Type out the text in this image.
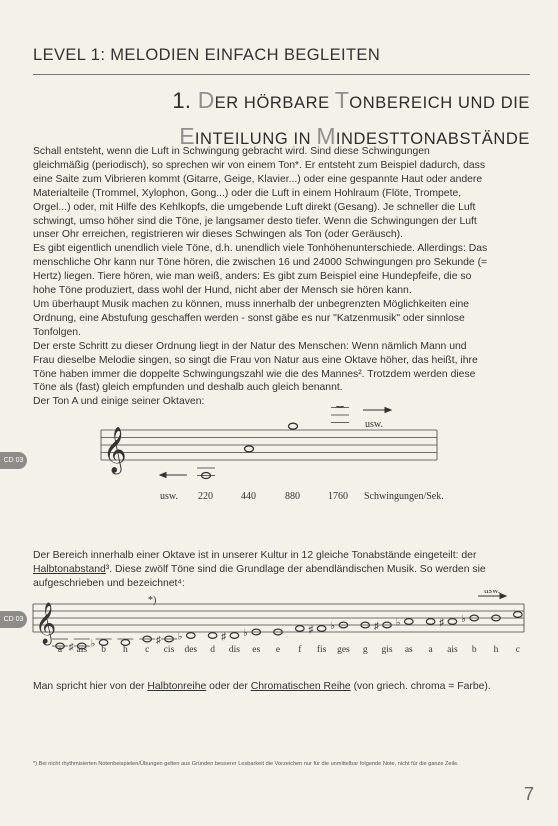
LEVEL 1: MELODIEN EINFACH BEGLEITEN
1. DER HÖRBARE TONBEREICH UND DIE
EINTEILUNG IN MINDESTTONABSTÄNDE
Schall entsteht, wenn die Luft in Schwingung gebracht wird. Sind diese Schwingungen
gleichmäßig (periodisch), so sprechen wir von einem Ton*. Er entsteht zum Beispiel dadurch, dass
eine Saite zum Vibrieren kommt (Gitarre, Geige, Klavier...) oder eine gespannte Haut oder andere
Materialteile (Trommel, Xylophon, Gong...) oder die Luft in einem Hohlraum (Flöte, Trompete,
Orgel...) oder, mit Hilfe des Kehlkopfs, die umgebende Luft direkt (Gesang). Je schneller die Luft
schwingt, umso höher sind die Töne, je langsamer desto tiefer. Wenn die Schwingungen der Luft
unser Ohr erreichen, registrieren wir dieses Schwingen als Ton (oder Geräusch).
Es gibt eigentlich unendlich viele Töne, d.h. unendlich viele Tonhöhenunterschiede. Allerdings: Das
menschliche Ohr kann nur Töne hören, die zwischen 16 und 24000 Schwingungen pro Sekunde (=
Hertz) liegen. Tiere hören, wie man weiß, anders: Es gibt zum Beispiel eine Hundepfeife, die so
hohe Töne produziert, dass wohl der Hund, nicht aber der Mensch sie hören kann.
Um überhaupt Musik machen zu können, muss innerhalb der unbegrenzten Möglichkeiten eine
Ordnung, eine Abstufung geschaffen werden - sonst gäbe es nur "Katzenmusik" oder sinnlose
Tonfolgen.
Der erste Schritt zu dieser Ordnung liegt in der Natur des Menschen: Wenn nämlich Mann und
Frau dieselbe Melodie singen, so singt die Frau von Natur aus eine Oktave höher, das heißt, ihre
Töne haben immer die doppelte Schwingungszahl wie die des Mannes². Trotzdem werden diese
Töne als (fast) gleich empfunden und deshalb auch gleich benannt.
Der Ton A und einige seiner Oktaven:
CD 03 𝄞
usw.
usw.
220	440	880	1760 Schwingungen/Sek.

Der Bereich innerhalb einer Oktave ist in unserer Kultur in 12 gleiche Tonabstände eingeteilt: der

Halbtonabstand³. Diese zwölf Töne sind die Grundlage der abendländischen Musik. So werden sie

aufgeschrieben und bezeichnet⁴:

CD 03 𝄞
*)
usw.
♯ ♭	♯ ♭	♯ ♭	♯ ♭	♯ ♭	♯ ♭
a ais b h c cis des d dis es e f fis ges g gis as a ais b h c
Man spricht hier von der Halbtonreihe oder der Chromatischen Reihe (von griech. chroma = Farbe).
*) Bei nicht rhythmisierten Notenbeispielen/Übungen gelten aus Gründen besserer Lesbarkeit die Vorzeichen nur für die unmittelbar folgende Note, nicht für die ganze Zeile.
7
